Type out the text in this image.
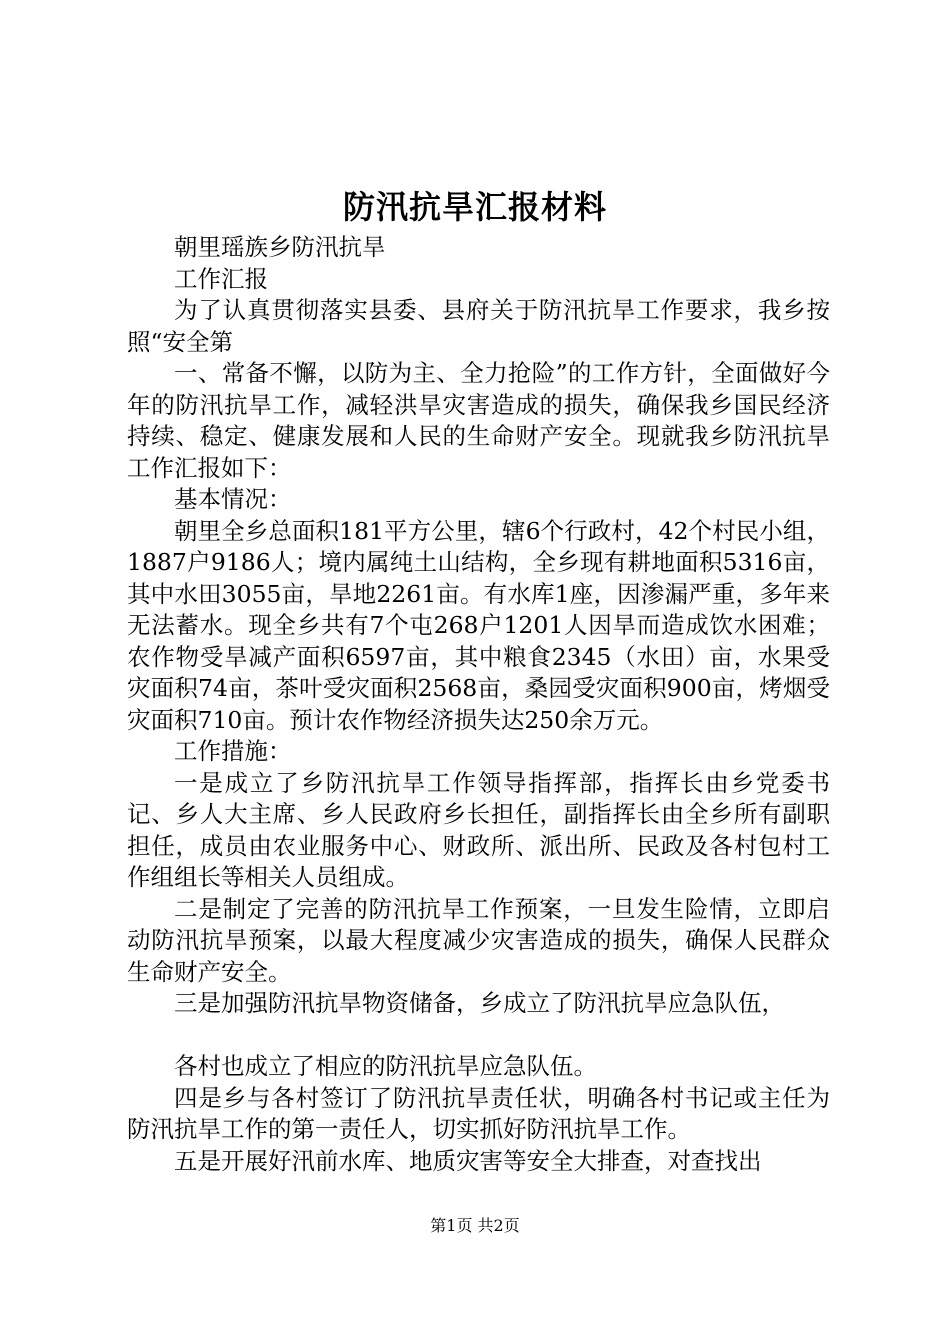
防汛抗旱汇报材料

朝里瑶族乡防汛抗旱

工作汇报

为了认真贯彻落实县委、县府关于防汛抗旱工作要求，我乡按照“安全第

一、常备不懈，以防为主、全力抢险”的工作方针，全面做好今年的防汛抗旱工作，减轻洪旱灾害造成的损失，确保我乡国民经济持续、稳定、健康发展和人民的生命财产安全。现就我乡防汛抗旱工作汇报如下：

基本情况：

朝里全乡总面积181平方公里，辖6个行政村，42个村民小组，1887户9186人；境内属纯土山结构，全乡现有耕地面积5316亩，其中水田3055亩，旱地2261亩。有水库1座，因渗漏严重，多年来无法蓄水。现全乡共有7个屯268户1201人因旱而造成饮水困难；农作物受旱减产面积6597亩，其中粮食2345（水田）亩，水果受灾面积74亩，茶叶受灾面积2568亩，桑园受灾面积900亩，烤烟受灾面积710亩。预计农作物经济损失达250余万元。

工作措施：

一是成立了乡防汛抗旱工作领导指挥部，指挥长由乡党委书记、乡人大主席、乡人民政府乡长担任，副指挥长由全乡所有副职担任，成员由农业服务中心、财政所、派出所、民政及各村包村工作组组长等相关人员组成。

二是制定了完善的防汛抗旱工作预案，一旦发生险情，立即启动防汛抗旱预案，以最大程度减少灾害造成的损失，确保人民群众生命财产安全。

三是加强防汛抗旱物资储备，乡成立了防汛抗旱应急队伍，

各村也成立了相应的防汛抗旱应急队伍。

四是乡与各村签订了防汛抗旱责任状，明确各村书记或主任为防汛抗旱工作的第一责任人，切实抓好防汛抗旱工作。

五是开展好汛前水库、地质灾害等安全大排查，对查找出

第1页 共2页
